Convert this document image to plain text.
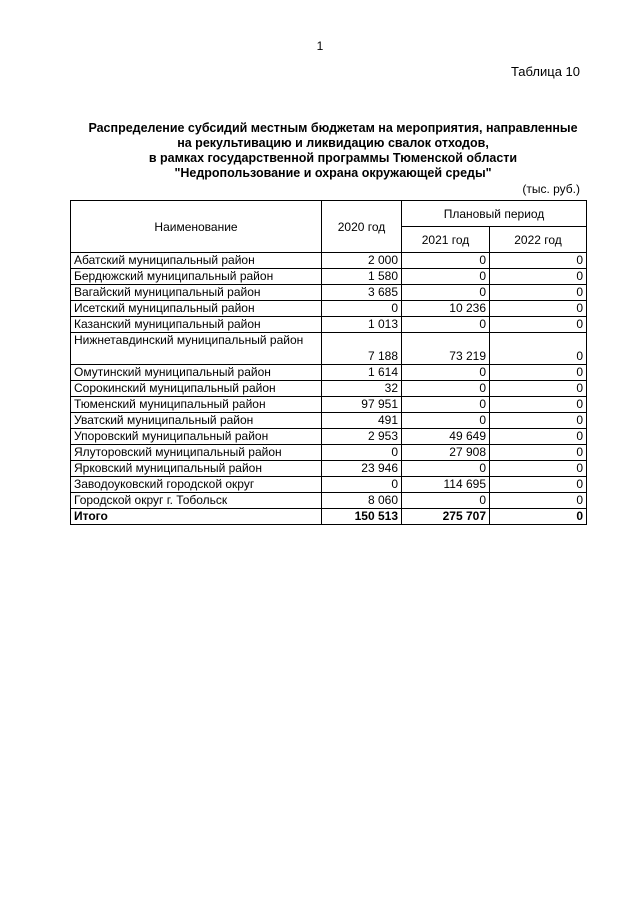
1
Таблица 10
Распределение субсидий местным бюджетам на мероприятия, направленные
на рекультивацию и ликвидацию свалок отходов,
в рамках государственной программы Тюменской области
"Недропользование и охрана окружающей среды"
(тыс. руб.)
Наименование	2020 год	Плановый период	
		2021 год	2022 год
Абатский муниципальный район	2 000	0	0
Бердюжский муниципальный район	1 580	0	0
Вагайский муниципальный район	3 685	0	0
Исетский муниципальный район	0	10 236	0
Казанский муниципальный район	1 013	0	0
Нижнетавдинский муниципальный район	7 188	73 219	0
Омутинский муниципальный район	1 614	0	0
Сорокинский муниципальный район	32	0	0
Тюменский муниципальный район	97 951	0	0
Уватский муниципальный район	491	0	0
Упоровский муниципальный район	2 953	49 649	0
Ялуторовский муниципальный район	0	27 908	0
Ярковский муниципальный район	23 946	0	0
Заводоуковский городской округ	0	114 695	0
Городской округ г. Тобольск	8 060	0	0
Итого	150 513	275 707	0
